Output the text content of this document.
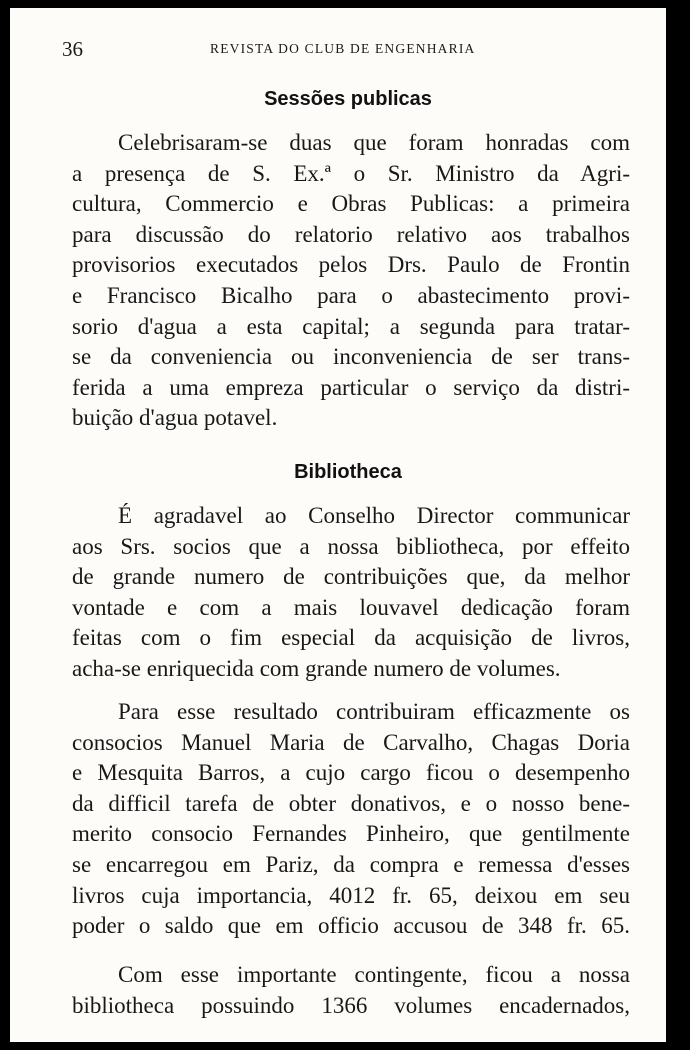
36	REVISTA DO CLUB DE ENGENHARIA
Sessões publicas
Celebrisaram-se duas que foram honradas com
a presença de S. Ex.ª o Sr. Ministro da Agri-
cultura, Commercio e Obras Publicas: a primeira
para discussão do relatorio relativo aos trabalhos
provisorios executados pelos Drs. Paulo de Frontin
e Francisco Bicalho para o abastecimento provi-
sorio d'agua a esta capital; a segunda para tratar-
se da conveniencia ou inconveniencia de ser trans-
ferida a uma empreza particular o serviço da distri-
buição d'agua potavel.
Bibliotheca
É agradavel ao Conselho Director communicar
aos Srs. socios que a nossa bibliotheca, por effeito
de grande numero de contribuições que, da melhor
vontade e com a mais louvavel dedicação foram
feitas com o fim especial da acquisição de livros,
acha-se enriquecida com grande numero de volumes.
Para esse resultado contribuiram efficazmente os
consocios Manuel Maria de Carvalho, Chagas Doria
e Mesquita Barros, a cujo cargo ficou o desempenho
da difficil tarefa de obter donativos, e o nosso bene-
merito consocio Fernandes Pinheiro, que gentilmente
se encarregou em Pariz, da compra e remessa d'esses
livros cuja importancia, 4012 fr. 65, deixou em seu
poder o saldo que em officio accusou de 348 fr. 65.
Com esse importante contingente, ficou a nossa
bibliotheca possuindo 1366 volumes encadernados,
